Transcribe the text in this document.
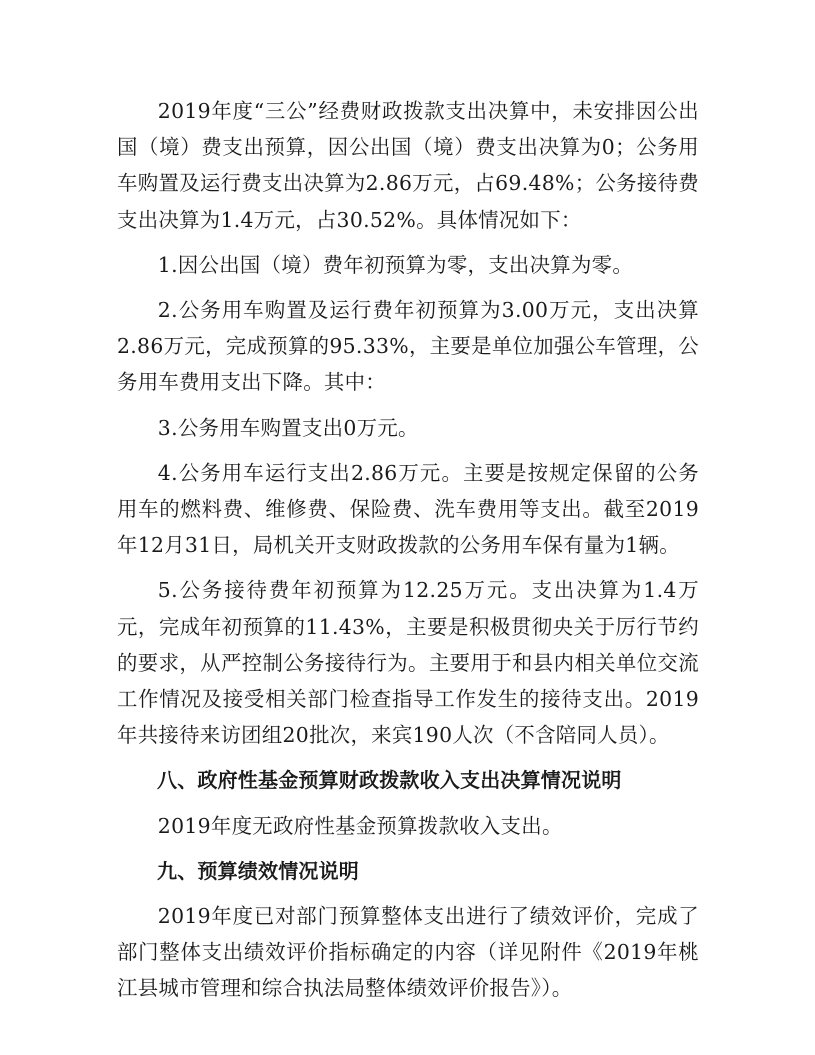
2019年度“三公”经费财政拨款支出决算中，未安排因公出国（境）费支出预算，因公出国（境）费支出决算为0；公务用车购置及运行费支出决算为2.86万元，占69.48%；公务接待费支出决算为1.4万元，占30.52%。具体情况如下：

1.因公出国（境）费年初预算为零，支出决算为零。

2.公务用车购置及运行费年初预算为3.00万元，支出决算2.86万元，完成预算的95.33%，主要是单位加强公车管理，公务用车费用支出下降。其中：

3.公务用车购置支出0万元。

4.公务用车运行支出2.86万元。主要是按规定保留的公务用车的燃料费、维修费、保险费、洗车费用等支出。截至2019年12月31日，局机关开支财政拨款的公务用车保有量为1辆。

5.公务接待费年初预算为12.25万元。支出决算为1.4万元，完成年初预算的11.43%，主要是积极贯彻央关于厉行节约的要求，从严控制公务接待行为。主要用于和县内相关单位交流工作情况及接受相关部门检查指导工作发生的接待支出。2019年共接待来访团组20批次，来宾190人次（不含陪同人员）。

八、政府性基金预算财政拨款收入支出决算情况说明

2019年度无政府性基金预算拨款收入支出。

九、预算绩效情况说明

2019年度已对部门预算整体支出进行了绩效评价，完成了部门整体支出绩效评价指标确定的内容（详见附件《2019年桃江县城市管理和综合执法局整体绩效评价报告》）。
